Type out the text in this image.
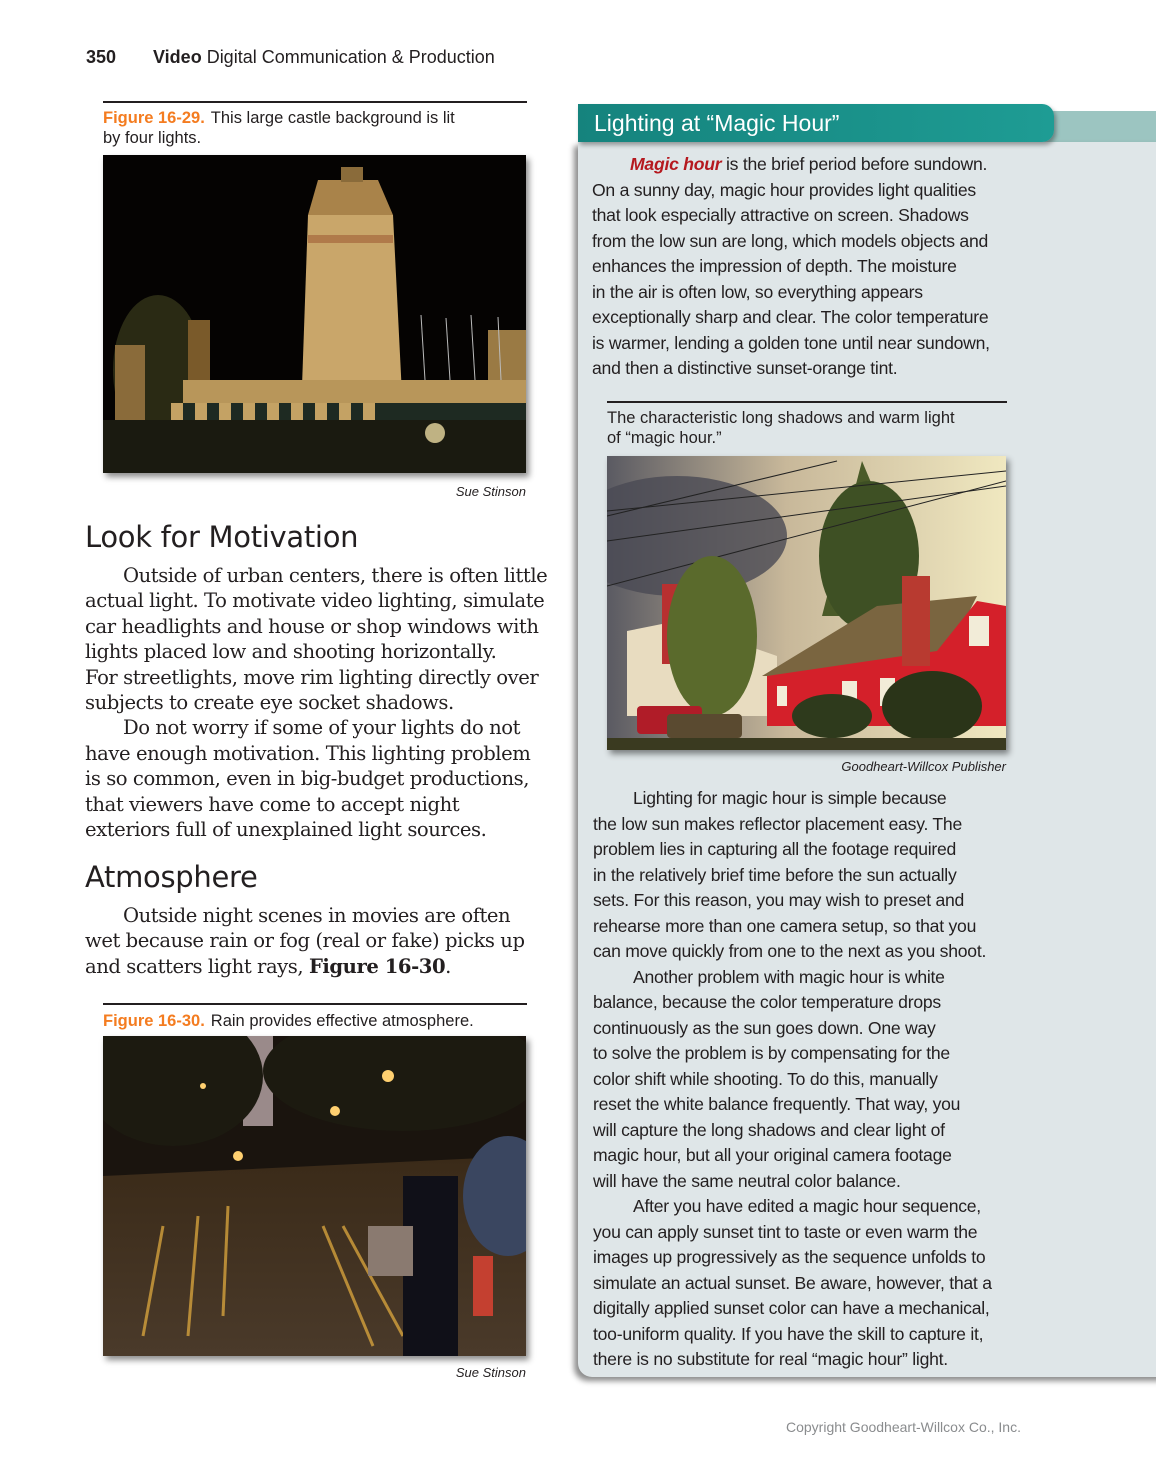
350 Video Digital Communication & Production
Figure 16-29. This large castle background is lit
by four lights.
Sue Stinson
Look for Motivation

Outside of urban centers, there is often little

actual light. To motivate video lighting, simulate

car headlights and house or shop windows with

lights placed low and shooting horizontally.

For streetlights, move rim lighting directly over

subjects to create eye socket shadows.

Do not worry if some of your lights do not

have enough motivation. This lighting problem

is so common, even in big-budget productions,

that viewers have come to accept night

exteriors full of unexplained light sources.

Atmosphere

Outside night scenes in movies are often

wet because rain or fog (real or fake) picks up

and scatters light rays, Figure 16-30.

Figure 16-30. Rain provides effective atmosphere.
Sue Stinson
Lighting at “Magic Hour”

Magic hour is the brief period before sundown.

On a sunny day, magic hour provides light qualities

that look especially attractive on screen. Shadows

from the low sun are long, which models objects and

enhances the impression of depth. The moisture

in the air is often low, so everything appears

exceptionally sharp and clear. The color temperature

is warmer, lending a golden tone until near sundown,

and then a distinctive sunset-orange tint.

The characteristic long shadows and warm light
of “magic hour.”
Goodheart-Willcox Publisher

Lighting for magic hour is simple because

the low sun makes reflector placement easy. The

problem lies in capturing all the footage required

in the relatively brief time before the sun actually

sets. For this reason, you may wish to preset and

rehearse more than one camera setup, so that you

can move quickly from one to the next as you shoot.

Another problem with magic hour is white

balance, because the color temperature drops

continuously as the sun goes down. One way

to solve the problem is by compensating for the

color shift while shooting. To do this, manually

reset the white balance frequently. That way, you

will capture the long shadows and clear light of

magic hour, but all your original camera footage

will have the same neutral color balance.

After you have edited a magic hour sequence,

you can apply sunset tint to taste or even warm the

images up progressively as the sequence unfolds to

simulate an actual sunset. Be aware, however, that a

digitally applied sunset color can have a mechanical,

too-uniform quality. If you have the skill to capture it,

there is no substitute for real “magic hour” light.

Copyright Goodheart-Willcox Co., Inc.
